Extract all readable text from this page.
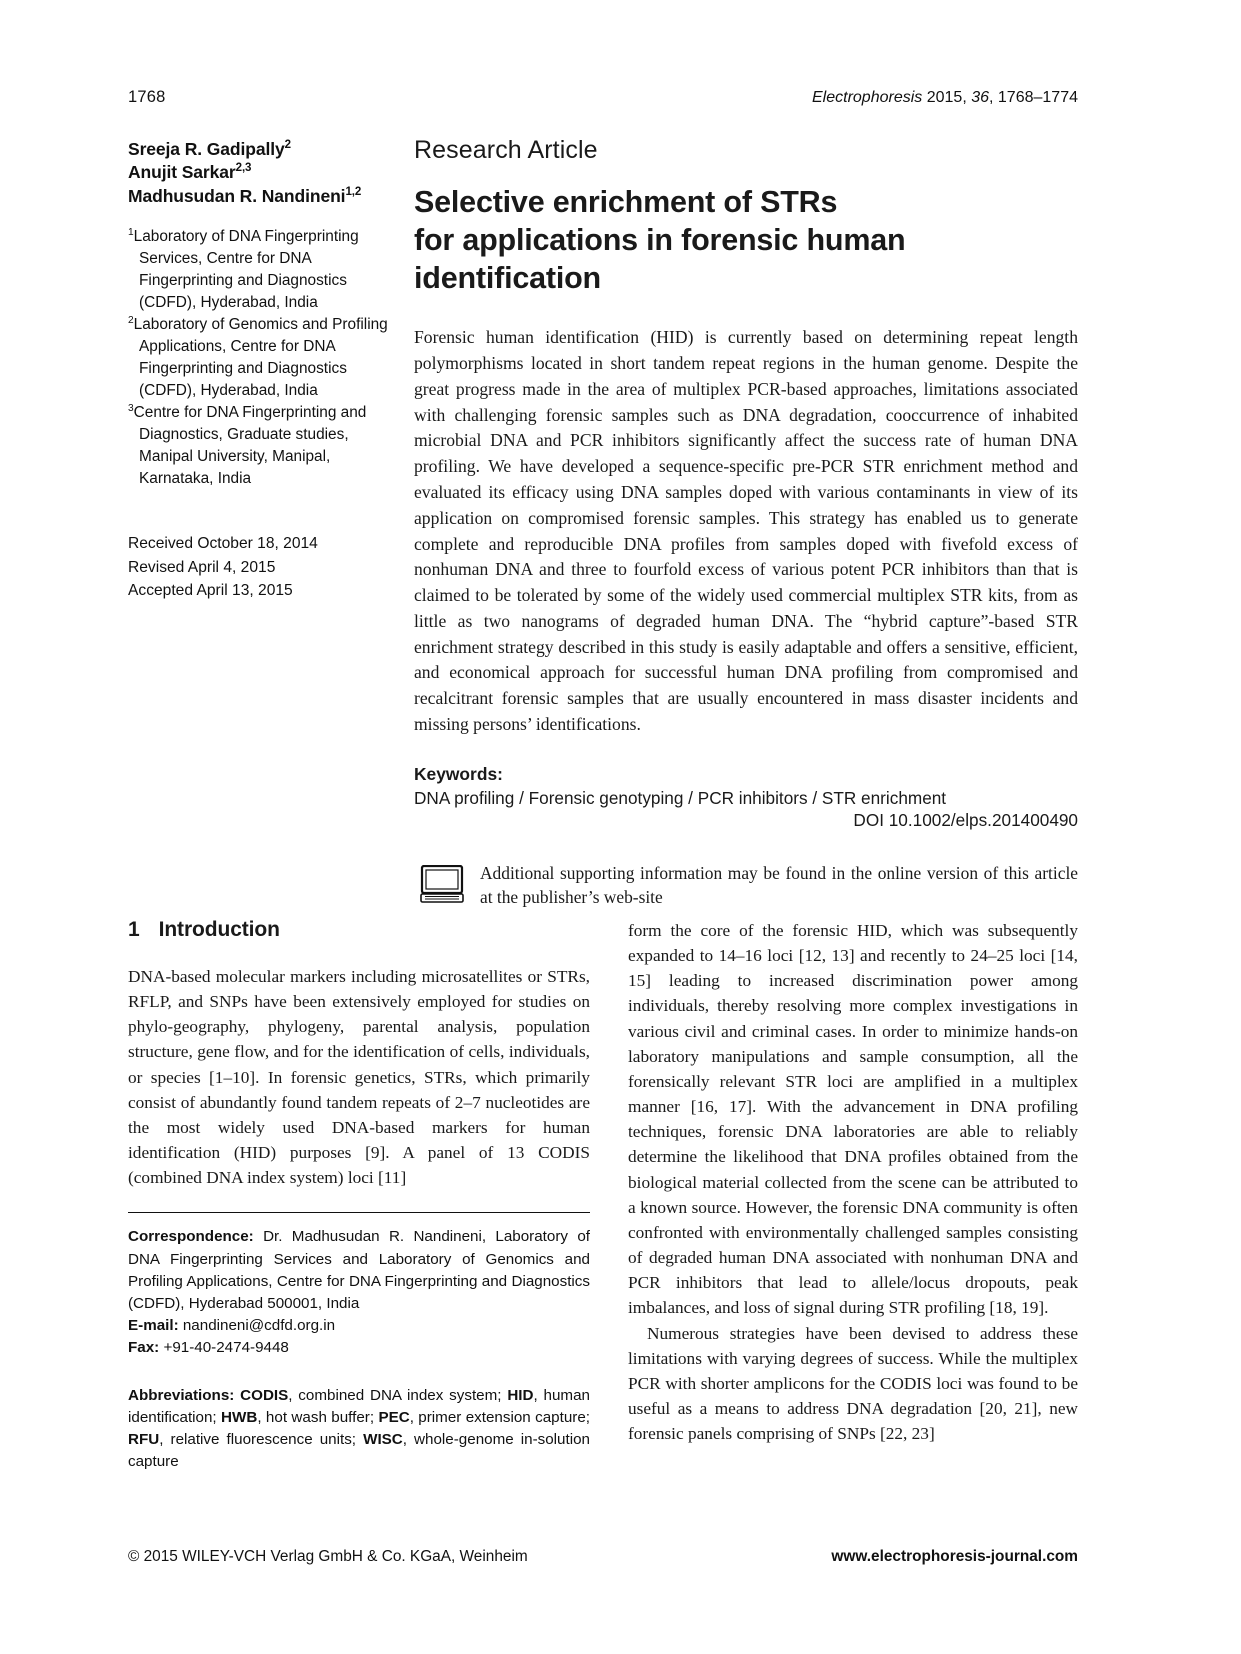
1768	Electrophoresis 2015, 36, 1768–1774
Sreeja R. Gadipally$^2$
Anujit Sarkar$^{2,3}$
Madhusudan R. Nandineni$^{1,2}$
$^1$Laboratory of DNA Fingerprinting Services, Centre for DNA Fingerprinting and Diagnostics (CDFD), Hyderabad, India
$^2$Laboratory of Genomics and Profiling Applications, Centre for DNA Fingerprinting and Diagnostics (CDFD), Hyderabad, India
$^3$Centre for DNA Fingerprinting and Diagnostics, Graduate studies, Manipal University, Manipal, Karnataka, India
Received October 18, 2014
Revised April 4, 2015
Accepted April 13, 2015
Research Article
Selective enrichment of STRs
for applications in forensic human
identification

Forensic human identification (HID) is currently based on determining repeat length polymorphisms located in short tandem repeat regions in the human genome. Despite the great progress made in the area of multiplex PCR-based approaches, limitations associated with challenging forensic samples such as DNA degradation, cooccurrence of inhabited microbial DNA and PCR inhibitors significantly affect the success rate of human DNA profiling. We have developed a sequence-specific pre-PCR STR enrichment method and evaluated its efficacy using DNA samples doped with various contaminants in view of its application on compromised forensic samples. This strategy has enabled us to generate complete and reproducible DNA profiles from samples doped with fivefold excess of nonhuman DNA and three to fourfold excess of various potent PCR inhibitors than that is claimed to be tolerated by some of the widely used commercial multiplex STR kits, from as little as two nanograms of degraded human DNA. The “hybrid capture”-based STR enrichment strategy described in this study is easily adaptable and offers a sensitive, efficient, and economical approach for successful human DNA profiling from compromised and recalcitrant forensic samples that are usually encountered in mass disaster incidents and missing persons’ identifications.

Keywords:
DNA profiling / Forensic genotyping / PCR inhibitors / STR enrichment
DOI 10.1002/elps.201400490
Additional supporting information may be found in the online version of this article at the publisher’s web-site
1 Introduction

DNA-based molecular markers including microsatellites or STRs, RFLP, and SNPs have been extensively employed for studies on phylo-geography, phylogeny, parental analysis, population structure, gene flow, and for the identification of cells, individuals, or species [1–10]. In forensic genetics, STRs, which primarily consist of abundantly found tandem repeats of 2–7 nucleotides are the most widely used DNA-based markers for human identification (HID) purposes [9]. A panel of 13 CODIS (combined DNA index system) loci [11]

Correspondence: Dr. Madhusudan R. Nandineni, Laboratory of DNA Fingerprinting Services and Laboratory of Genomics and Profiling Applications, Centre for DNA Fingerprinting and Diagnostics (CDFD), Hyderabad 500001, India
E-mail: nandineni@cdfd.org.in
Fax: +91-40-2474-9448
Abbreviations: CODIS, combined DNA index system; HID, human identification; HWB, hot wash buffer; PEC, primer extension capture; RFU, relative fluorescence units; WISC, whole-genome in-solution capture

form the core of the forensic HID, which was subsequently expanded to 14–16 loci [12, 13] and recently to 24–25 loci [14, 15] leading to increased discrimination power among individuals, thereby resolving more complex investigations in various civil and criminal cases. In order to minimize hands-on laboratory manipulations and sample consumption, all the forensically relevant STR loci are amplified in a multiplex manner [16, 17]. With the advancement in DNA profiling techniques, forensic DNA laboratories are able to reliably determine the likelihood that DNA profiles obtained from the biological material collected from the scene can be attributed to a known source. However, the forensic DNA community is often confronted with environmentally challenged samples consisting of degraded human DNA associated with nonhuman DNA and PCR inhibitors that lead to allele/locus dropouts, peak imbalances, and loss of signal during STR profiling [18, 19].

Numerous strategies have been devised to address these limitations with varying degrees of success. While the multiplex PCR with shorter amplicons for the CODIS loci was found to be useful as a means to address DNA degradation [20, 21], new forensic panels comprising of SNPs [22, 23]

© 2015 WILEY-VCH Verlag GmbH & Co. KGaA, Weinheim	www.electrophoresis-journal.com
